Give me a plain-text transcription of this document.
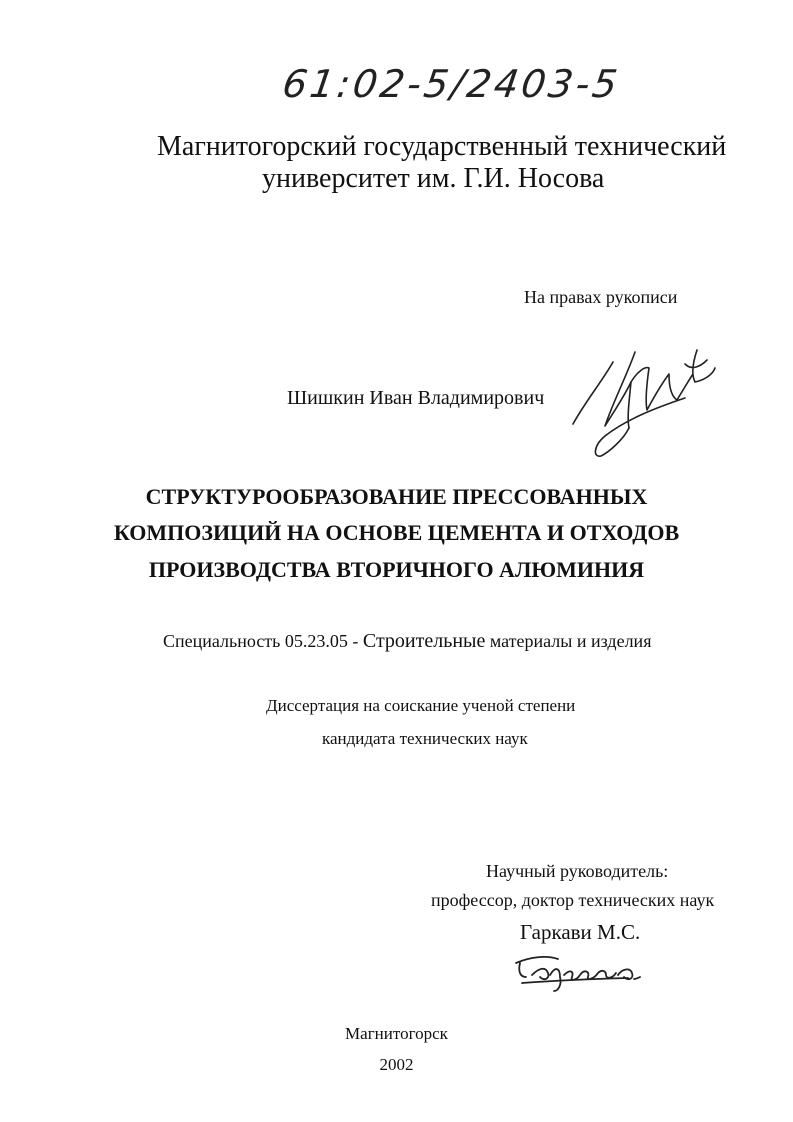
61:02-5/2403-5
Магнитогорский государственный технический
университет им. Г.И. Носова
На правах рукописи
Шишкин Иван Владимирович
СТРУКТУРООБРАЗОВАНИЕ ПРЕССОВАННЫХ
КОМПОЗИЦИЙ НА ОСНОВЕ ЦЕМЕНТА И ОТХОДОВ
ПРОИЗВОДСТВА ВТОРИЧНОГО АЛЮМИНИЯ
Специальность 05.23.05 - Строительные материалы и изделия
Диссертация на соискание ученой степени
кандидата технических наук
Научный руководитель:
профессор, доктор технических наук
Гаркави М.С.
Магнитогорск
2002
